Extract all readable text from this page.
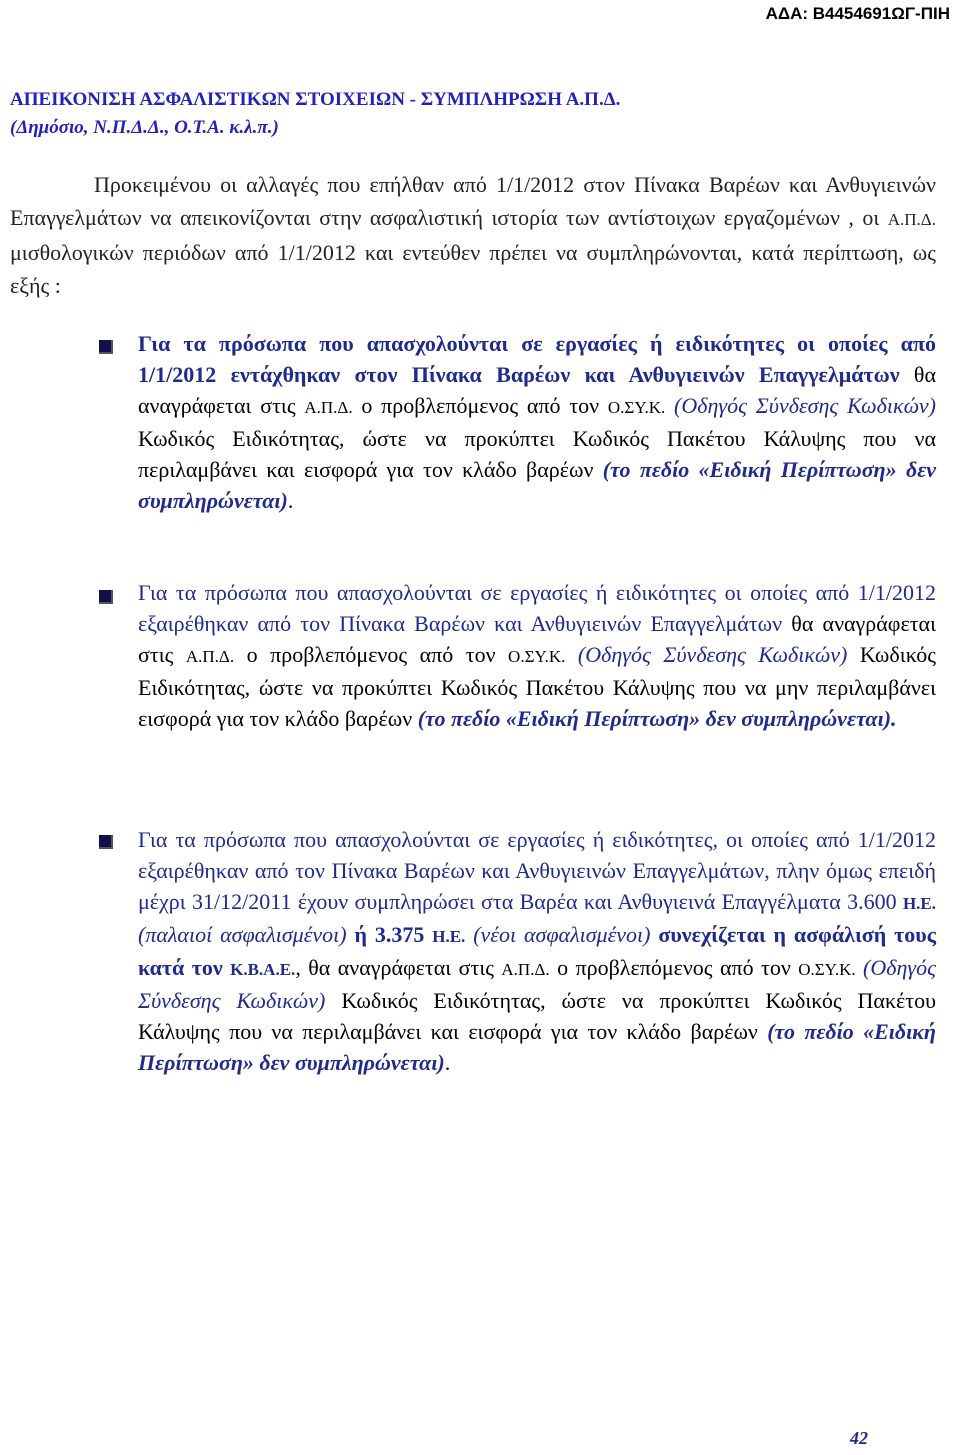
ΑΔΑ: Β4454691ΩΓ-ΠΙΗ
ΑΠΕΙΚΟΝΙΣΗ ΑΣΦΑΛΙΣΤΙΚΩΝ ΣΤΟΙΧΕΙΩΝ - ΣΥΜΠΛΗΡΩΣΗ Α.Π.Δ.
(Δημόσιο, Ν.Π.Δ.Δ., Ο.Τ.Α. κ.λ.π.)

Προκειμένου οι αλλαγές που επήλθαν από 1/1/2012 στον Πίνακα Βαρέων και Ανθυγιεινών Επαγγελμάτων να απεικονίζονται στην ασφαλιστική ιστορία των αντίστοιχων εργαζομένων , οι Α.Π.Δ. μισθολογικών περιόδων από 1/1/2012 και εντεύθεν πρέπει να συμπληρώνονται, κατά περίπτωση, ως εξής :

Για τα πρόσωπα που απασχολούνται σε εργασίες ή ειδικότητες οι οποίες από 1/1/2012 εντάχθηκαν στον Πίνακα Βαρέων και Ανθυγιεινών Επαγγελμάτων θα αναγράφεται στις Α.Π.Δ. ο προβλεπόμενος από τον Ο.ΣΥ.Κ. (Οδηγός Σύνδεσης Κωδικών) Κωδικός Ειδικότητας, ώστε να προκύπτει Κωδικός Πακέτου Κάλυψης που να περιλαμβάνει και εισφορά για τον κλάδο βαρέων (το πεδίο «Ειδική Περίπτωση» δεν συμπληρώνεται).

Για τα πρόσωπα που απασχολούνται σε εργασίες ή ειδικότητες οι οποίες από 1/1/2012 εξαιρέθηκαν από τον Πίνακα Βαρέων και Ανθυγιεινών Επαγγελμάτων θα αναγράφεται στις Α.Π.Δ. ο προβλεπόμενος από τον Ο.ΣΥ.Κ. (Οδηγός Σύνδεσης Κωδικών) Κωδικός Ειδικότητας, ώστε να προκύπτει Κωδικός Πακέτου Κάλυψης που να μην περιλαμβάνει εισφορά για τον κλάδο βαρέων (το πεδίο «Ειδική Περίπτωση» δεν συμπληρώνεται).

Για τα πρόσωπα που απασχολούνται σε εργασίες ή ειδικότητες, οι οποίες από 1/1/2012 εξαιρέθηκαν από τον Πίνακα Βαρέων και Ανθυγιεινών Επαγγελμάτων, πλην όμως επειδή μέχρι 31/12/2011 έχουν συμπληρώσει στα Βαρέα και Ανθυγιεινά Επαγγέλματα 3.600 Η.Ε. (παλαιοί ασφαλισμένοι) ή 3.375 Η.Ε. (νέοι ασφαλισμένοι) συνεχίζεται η ασφάλισή τους κατά τον Κ.Β.Α.Ε., θα αναγράφεται στις Α.Π.Δ. ο προβλεπόμενος από τον Ο.ΣΥ.Κ. (Οδηγός Σύνδεσης Κωδικών) Κωδικός Ειδικότητας, ώστε να προκύπτει Κωδικός Πακέτου Κάλυψης που να περιλαμβάνει και εισφορά για τον κλάδο βαρέων (το πεδίο «Ειδική Περίπτωση» δεν συμπληρώνεται).

42
